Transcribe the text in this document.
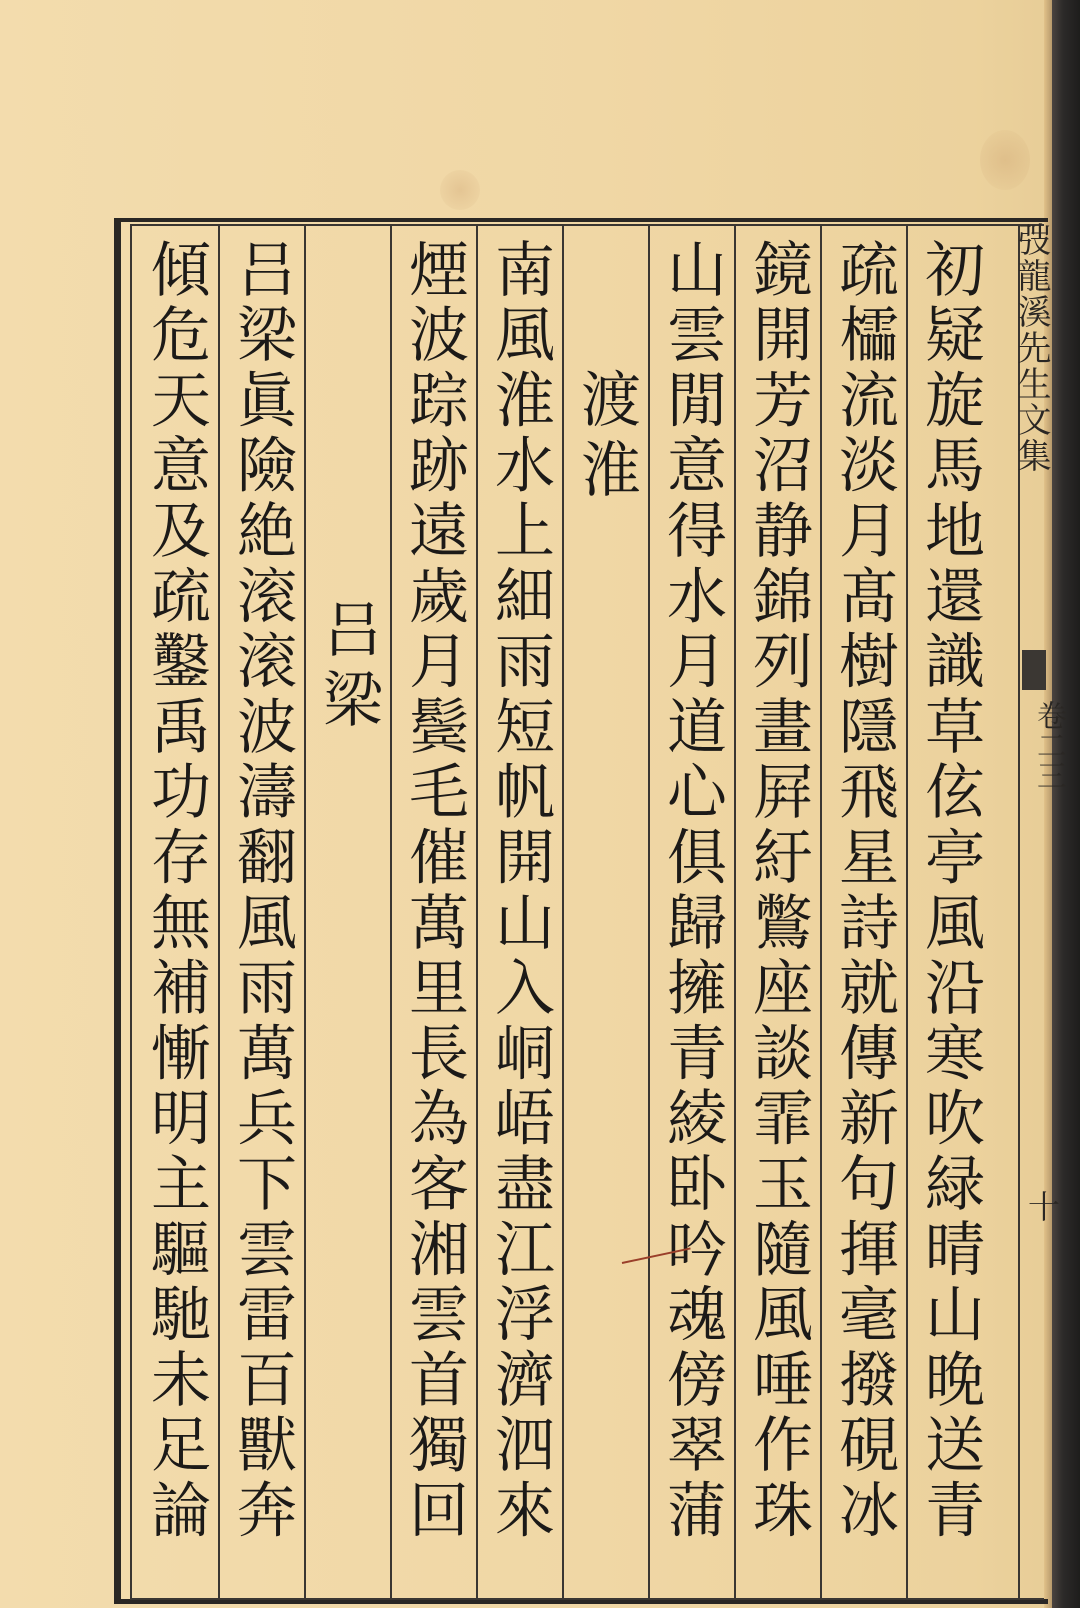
弢龍溪先生文集
卷二三
十
初疑旋馬地還識草伭亭風沿寒吹緑晴山晚送青
疏櫺流淡月髙樹隱飛星詩就傳新句揮毫撥硯冰
鏡開芳沼静錦列畫屛紆鷩座談霏玉隨風唾作珠
山雲閒意得水月道心俱歸擁青綾卧吟魂傍翠蒲
渡淮
南風淮水上細雨短帆開山入峒峿盡江浮濟泗來
煙波踪跡遠歲月鬓毛催萬里長為客湘雲首獨回
吕梁
吕梁眞險絶滚滚波濤翻風雨萬兵下雲雷百獸奔
傾危天意及疏鑿禹功存無補慚明主驅馳未足論
